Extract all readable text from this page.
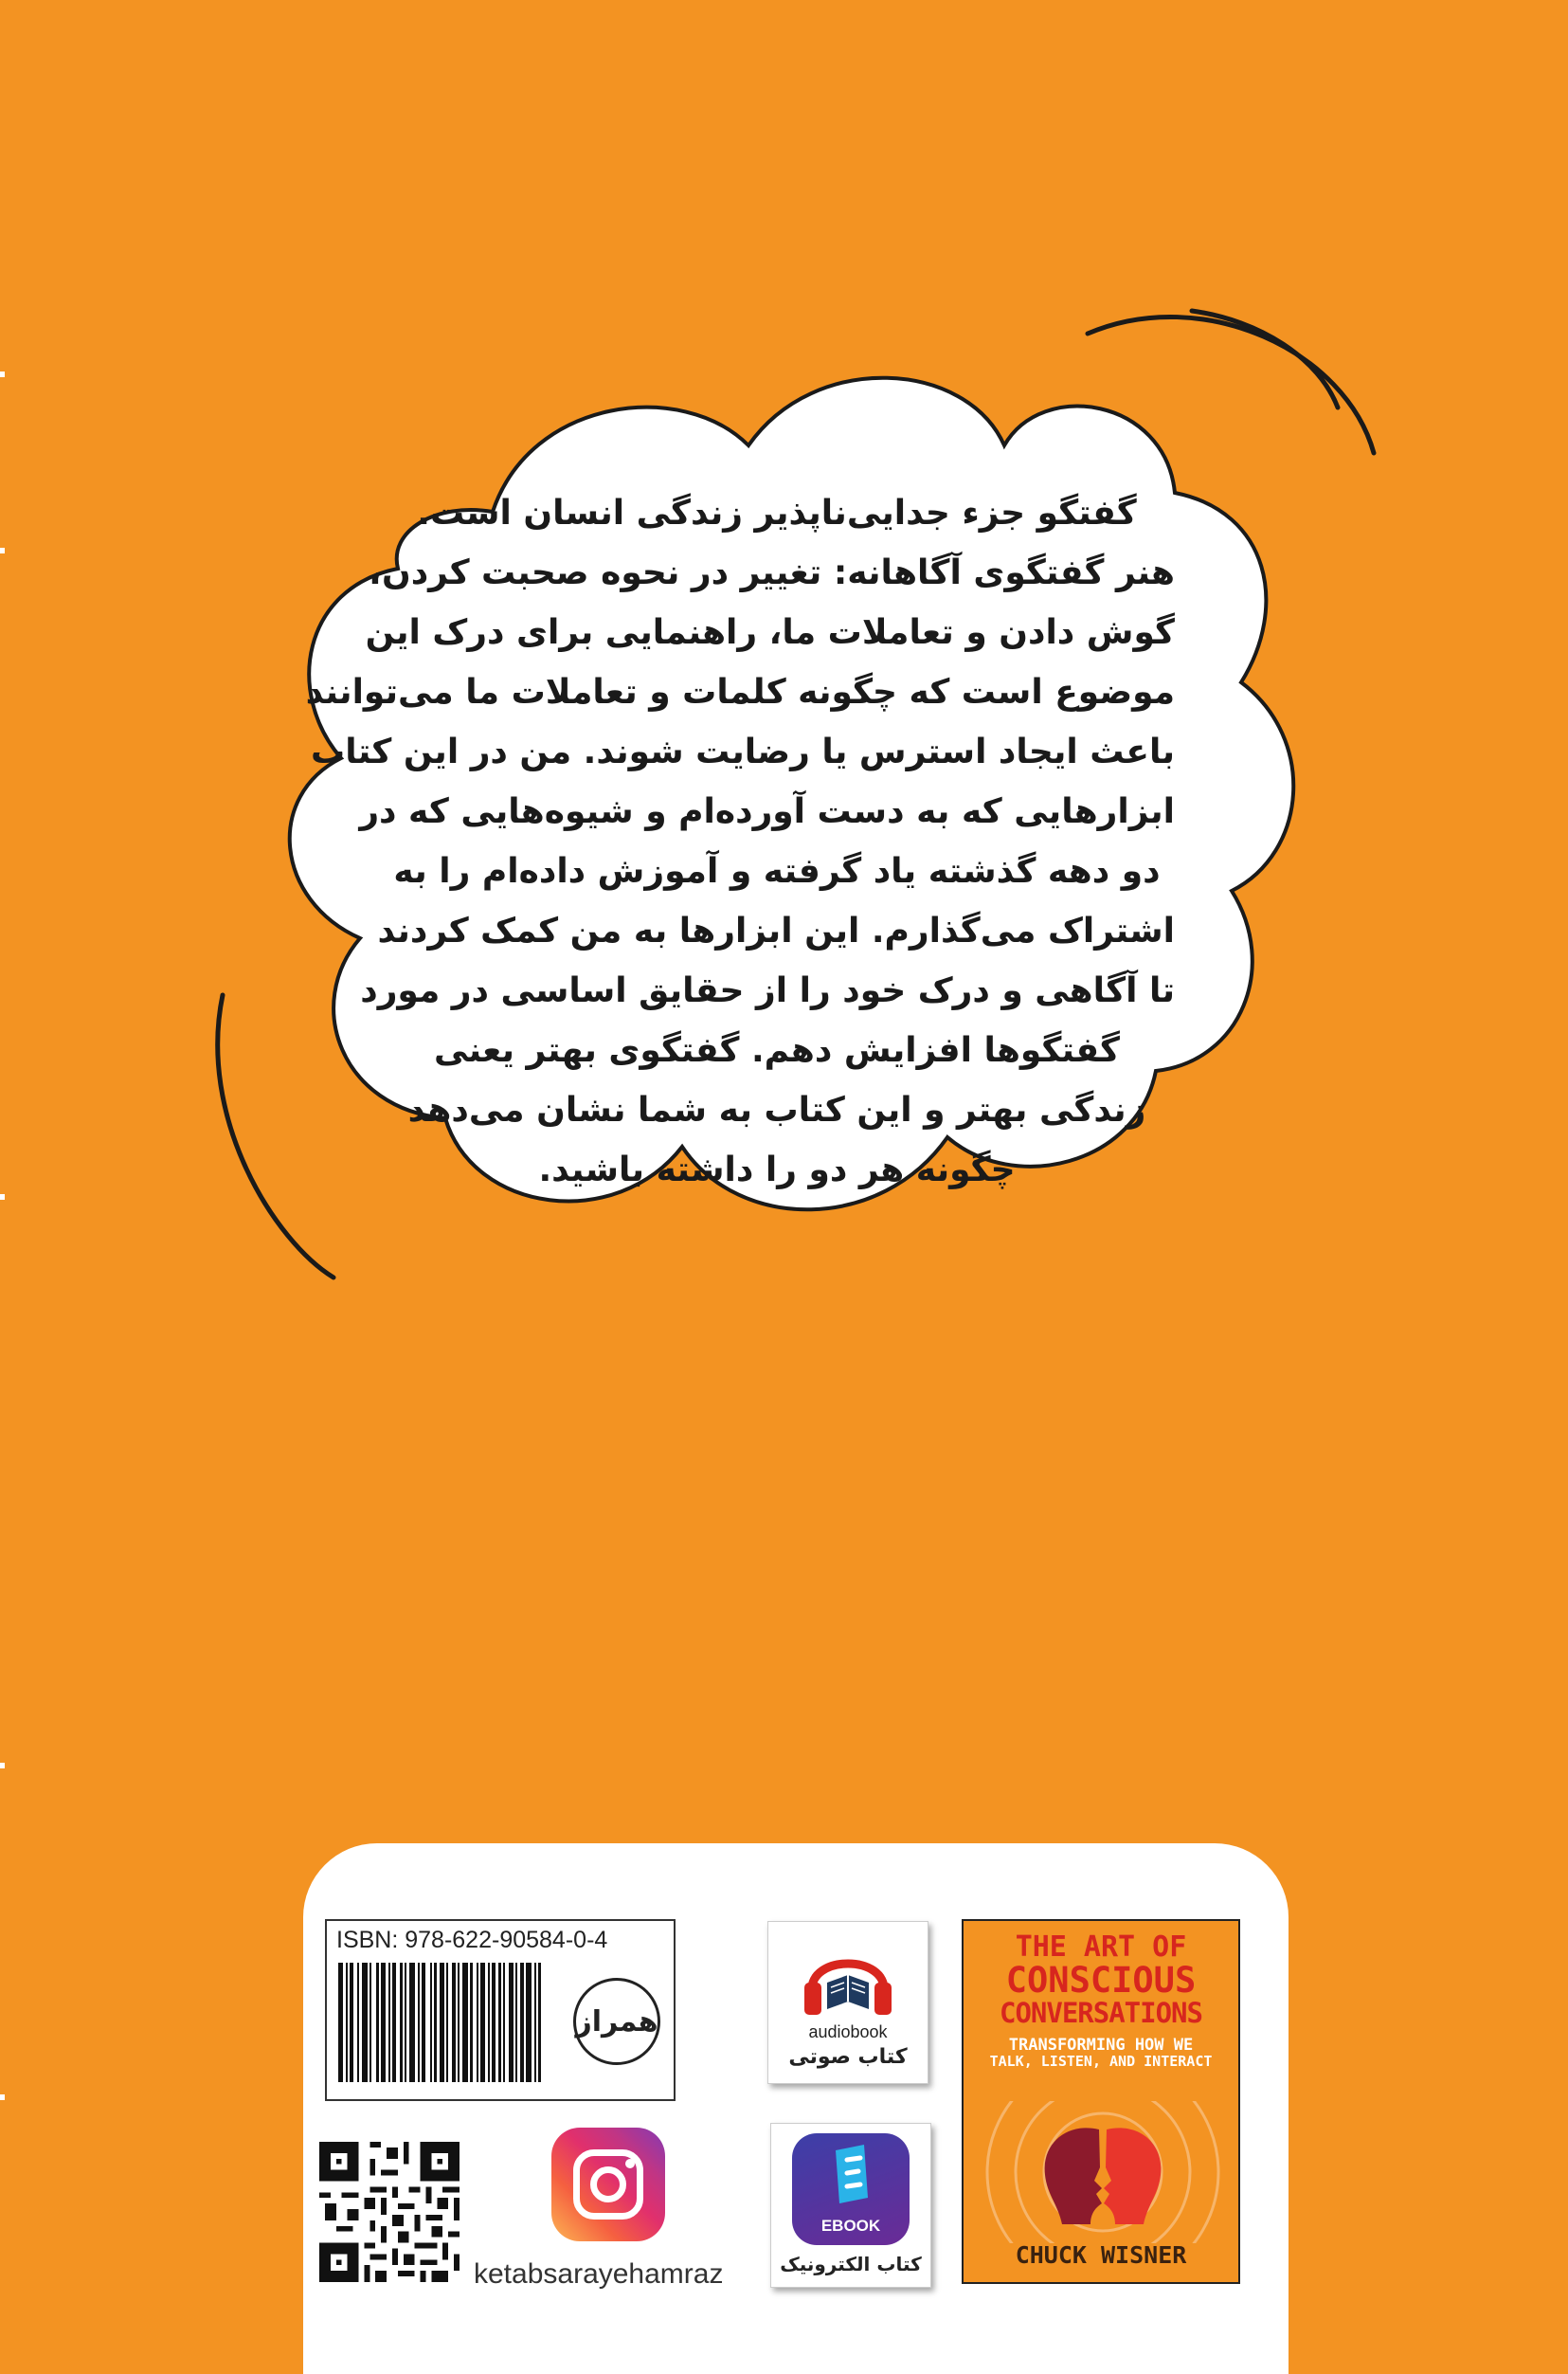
گفتگو جزء جدایی‌ناپذیر زندگی انسان است.
هنر گفتگوی آگاهانه: تغییر در نحوه صحبت کردن،
گوش دادن و تعاملات ما، راهنمایی برای درک این
موضوع است که چگونه کلمات و تعاملات ما می‌توانند
باعث ایجاد استرس یا رضایت شوند. من در این کتاب
ابزارهایی که به دست آورده‌ام و شیوه‌هایی که در
دو دهه گذشته یاد گرفته و آموزش داده‌ام را به
اشتراک می‌گذارم. این ابزارها به من کمک کردند
تا آگاهی و درک خود را از حقایق اساسی در مورد
گفتگوها افزایش دهم. گفتگوی بهتر یعنی
زندگی بهتر و این کتاب به شما نشان می‌دهد
چگونه هر دو را داشته باشید.
ISBN: 978-622-90584-0-4
همراز
ketabsarayehamraz
audiobook
کتاب صوتی
EBOOK
کتاب الکترونیک
THE ART OF
CONSCIOUS
CONVERSATIONS
TRANSFORMING HOW WE
TALK, LISTEN, AND INTERACT
CHUCK WISNER
